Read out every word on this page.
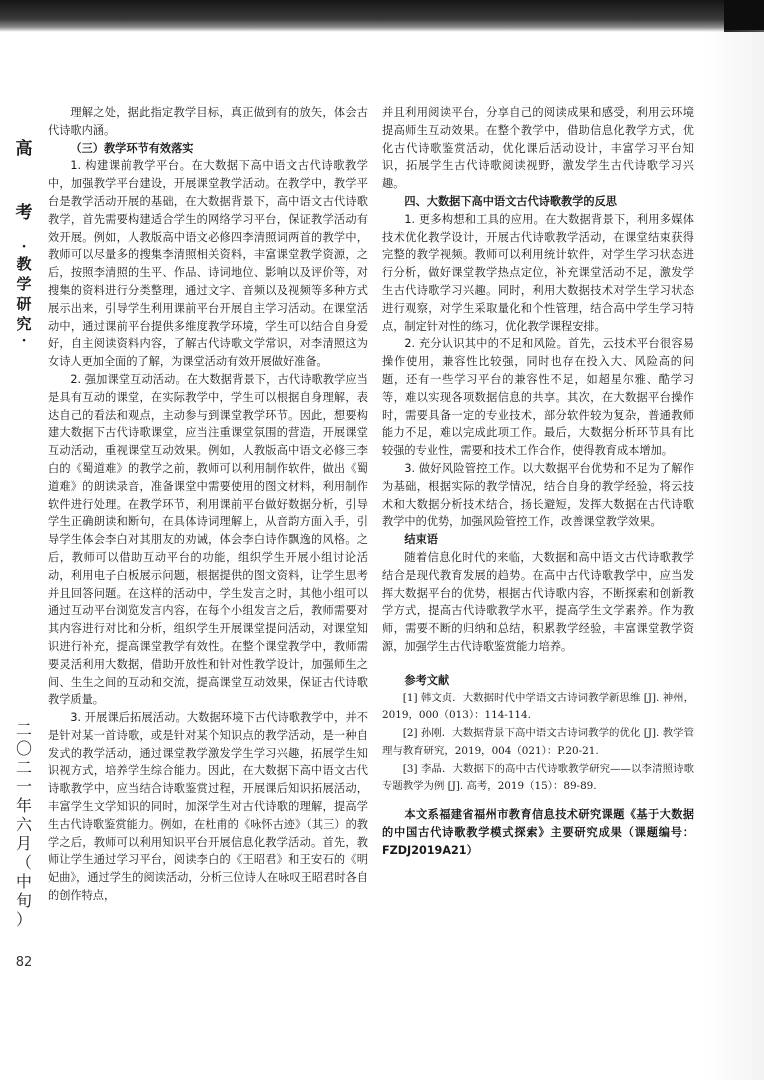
高
考
·
教
学
研
究
·
二
〇
二
一
年
六
月
（
中
旬
）
82

理解之处，据此指定教学目标，真正做到有的放矢，体会古代诗歌内涵。

（三）教学环节有效落实

1. 构建课前教学平台。在大数据下高中语文古代诗歌教学中，加强教学平台建设，开展课堂教学活动。在教学中，教学平台是教学活动开展的基础，在大数据背景下，高中语文古代诗歌教学，首先需要构建适合学生的网络学习平台，保证教学活动有效开展。例如，人教版高中语文必修四李清照词两首的教学中，教师可以尽量多的搜集李清照相关资料，丰富课堂教学资源，之后，按照李清照的生平、作品、诗词地位、影响以及评价等，对搜集的资料进行分类整理，通过文字、音频以及视频等多种方式展示出来，引导学生利用课前平台开展自主学习活动。在课堂活动中，通过课前平台提供多维度教学环境，学生可以结合自身爱好，自主阅读资料内容，了解古代诗歌文学常识，对李清照这为女诗人更加全面的了解，为课堂活动有效开展做好准备。

2. 强加课堂互动活动。在大数据背景下，古代诗歌教学应当是具有互动的课堂，在实际教学中，学生可以根据自身理解，表达自己的看法和观点，主动参与到课堂教学环节。因此，想要构建大数据下古代诗歌课堂，应当注重课堂氛围的营造，开展课堂互动活动，重视课堂互动效果。例如，人教版高中语文必修三李白的《蜀道难》的教学之前，教师可以利用制作软件，做出《蜀道难》的朗读录音，准备课堂中需要使用的图文材料，利用制作软件进行处理。在教学环节，利用课前平台做好数据分析，引导学生正确朗读和断句，在具体诗词理解上，从音韵方面入手，引导学生体会李白对其朋友的劝诫，体会李白诗作飘逸的风格。之后，教师可以借助互动平台的功能，组织学生开展小组讨论活动，利用电子白板展示问题，根据提供的图文资料，让学生思考并且回答问题。在这样的活动中，学生发言之时，其他小组可以通过互动平台浏览发言内容，在每个小组发言之后，教师需要对其内容进行对比和分析，组织学生开展课堂提问活动，对课堂知识进行补充，提高课堂教学有效性。在整个课堂教学中，教师需要灵活利用大数据，借助开放性和针对性教学设计，加强师生之间、生生之间的互动和交流，提高课堂互动效果，保证古代诗歌教学质量。

3. 开展课后拓展活动。大数据环境下古代诗歌教学中，并不是针对某一首诗歌，或是针对某个知识点的教学活动，是一种自发式的教学活动，通过课堂教学激发学生学习兴趣，拓展学生知识视方式，培养学生综合能力。因此，在大数据下高中语文古代诗歌教学中，应当结合诗歌鉴赏过程，开展课后知识拓展活动，丰富学生文学知识的同时，加深学生对古代诗歌的理解，提高学生古代诗歌鉴赏能力。例如，在杜甫的《咏怀古迹》（其三）的教学之后，教师可以利用知识平台开展信息化教学活动。首先，教师让学生通过学习平台，阅读李白的《王昭君》和王安石的《明妃曲》，通过学生的阅读活动，分析三位诗人在咏叹王昭君时各自的创作特点，

并且利用阅读平台，分享自己的阅读成果和感受，利用云环境提高师生互动效果。在整个教学中，借助信息化教学方式，优化古代诗歌鉴赏活动，优化课后活动设计，丰富学习平台知识，拓展学生古代诗歌阅读视野，激发学生古代诗歌学习兴趣。

四、大数据下高中语文古代诗歌教学的反思

1. 更多构想和工具的应用。在大数据背景下，利用多媒体技术优化教学设计，开展古代诗歌教学活动，在课堂结束获得完整的教学视频。教师可以利用统计软件，对学生学习状态进行分析，做好课堂教学热点定位，补充课堂活动不足，激发学生古代诗歌学习兴趣。同时，利用大数据技术对学生学习状态进行观察，对学生采取量化和个性管理，结合高中学生学习特点，制定针对性的练习，优化教学课程安排。

2. 充分认识其中的不足和风险。首先，云技术平台很容易操作使用，兼容性比较强，同时也存在投入大、风险高的问题，还有一些学习平台的兼容性不足，如超星尔雅、酷学习等，难以实现各项数据信息的共享。其次，在大数据平台操作时，需要具备一定的专业技术，部分软件较为复杂，普通教师能力不足，难以完成此项工作。最后，大数据分析环节具有比较强的专业性，需要和技术工作合作，使得教育成本增加。

3. 做好风险管控工作。以大数据平台优势和不足为了解作为基础，根据实际的教学情况，结合自身的教学经验，将云技术和大数据分析技术结合，扬长避短，发挥大数据在古代诗歌教学中的优势，加强风险管控工作，改善课堂教学效果。

结束语

随着信息化时代的来临，大数据和高中语文古代诗歌教学结合是现代教育发展的趋势。在高中古代诗歌教学中，应当发挥大数据平台的优势，根据古代诗歌内容，不断探索和创新教学方式，提高古代诗歌教学水平，提高学生文学素养。作为教师，需要不断的归纳和总结，积累教学经验，丰富课堂教学资源，加强学生古代诗歌鉴赏能力培养。

参考文献

[1] 韩文贞．大数据时代中学语文古诗词教学新思维 [J]. 神州，2019，000（013）：114-114.

[2] 孙刚．大数据背景下高中语文古诗词教学的优化 [J]. 教学管理与教育研究，2019，004（021）：P.20-21.

[3] 李晶．大数据下的高中古代诗歌教学研究——以李清照诗歌专题教学为例 [J]. 高考，2019（15）：89-89.

本文系福建省福州市教育信息技术研究课题《基于大数据的中国古代诗歌教学模式探索》主要研究成果（课题编号：FZDJ2019A21）
